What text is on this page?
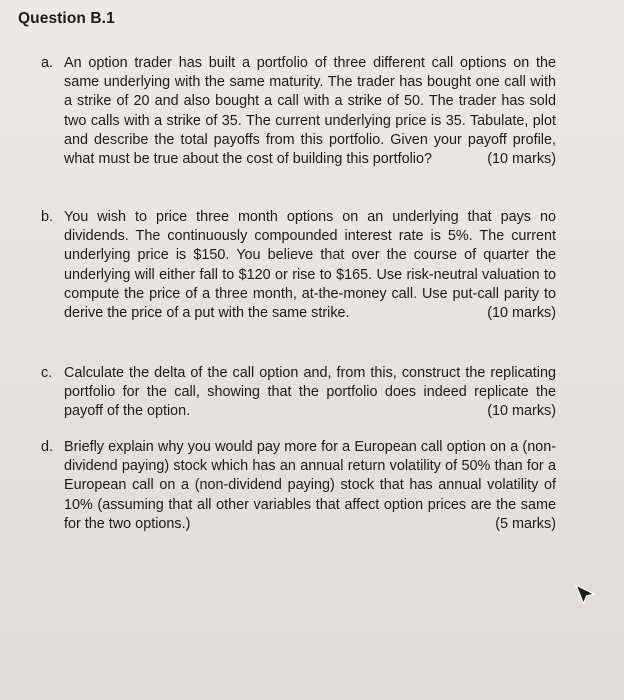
Question B.1
a. An option trader has built a portfolio of three different call options on the same underlying with the same maturity. The trader has bought one call with a strike of 20 and also bought a call with a strike of 50. The trader has sold two calls with a strike of 35. The current underlying price is 35. Tabulate, plot and describe the total payoffs from this portfolio. Given your payoff profile, what must be true about the cost of building this portfolio?	(10 marks)
b. You wish to price three month options on an underlying that pays no dividends. The continuously compounded interest rate is 5%. The current underlying price is $150. You believe that over the course of quarter the underlying will either fall to $120 or rise to $165. Use risk-neutral valuation to compute the price of a three month, at-the-money call. Use put-call parity to derive the price of a put with the same strike.	(10 marks)
c. Calculate the delta of the call option and, from this, construct the replicating portfolio for the call, showing that the portfolio does indeed replicate the payoff of the option.	(10 marks)
d. Briefly explain why you would pay more for a European call option on a (non-dividend paying) stock which has an annual return volatility of 50% than for a European call on a (non-dividend paying) stock that has annual volatility of 10% (assuming that all other variables that affect option prices are the same for the two options.)	(5 marks)
